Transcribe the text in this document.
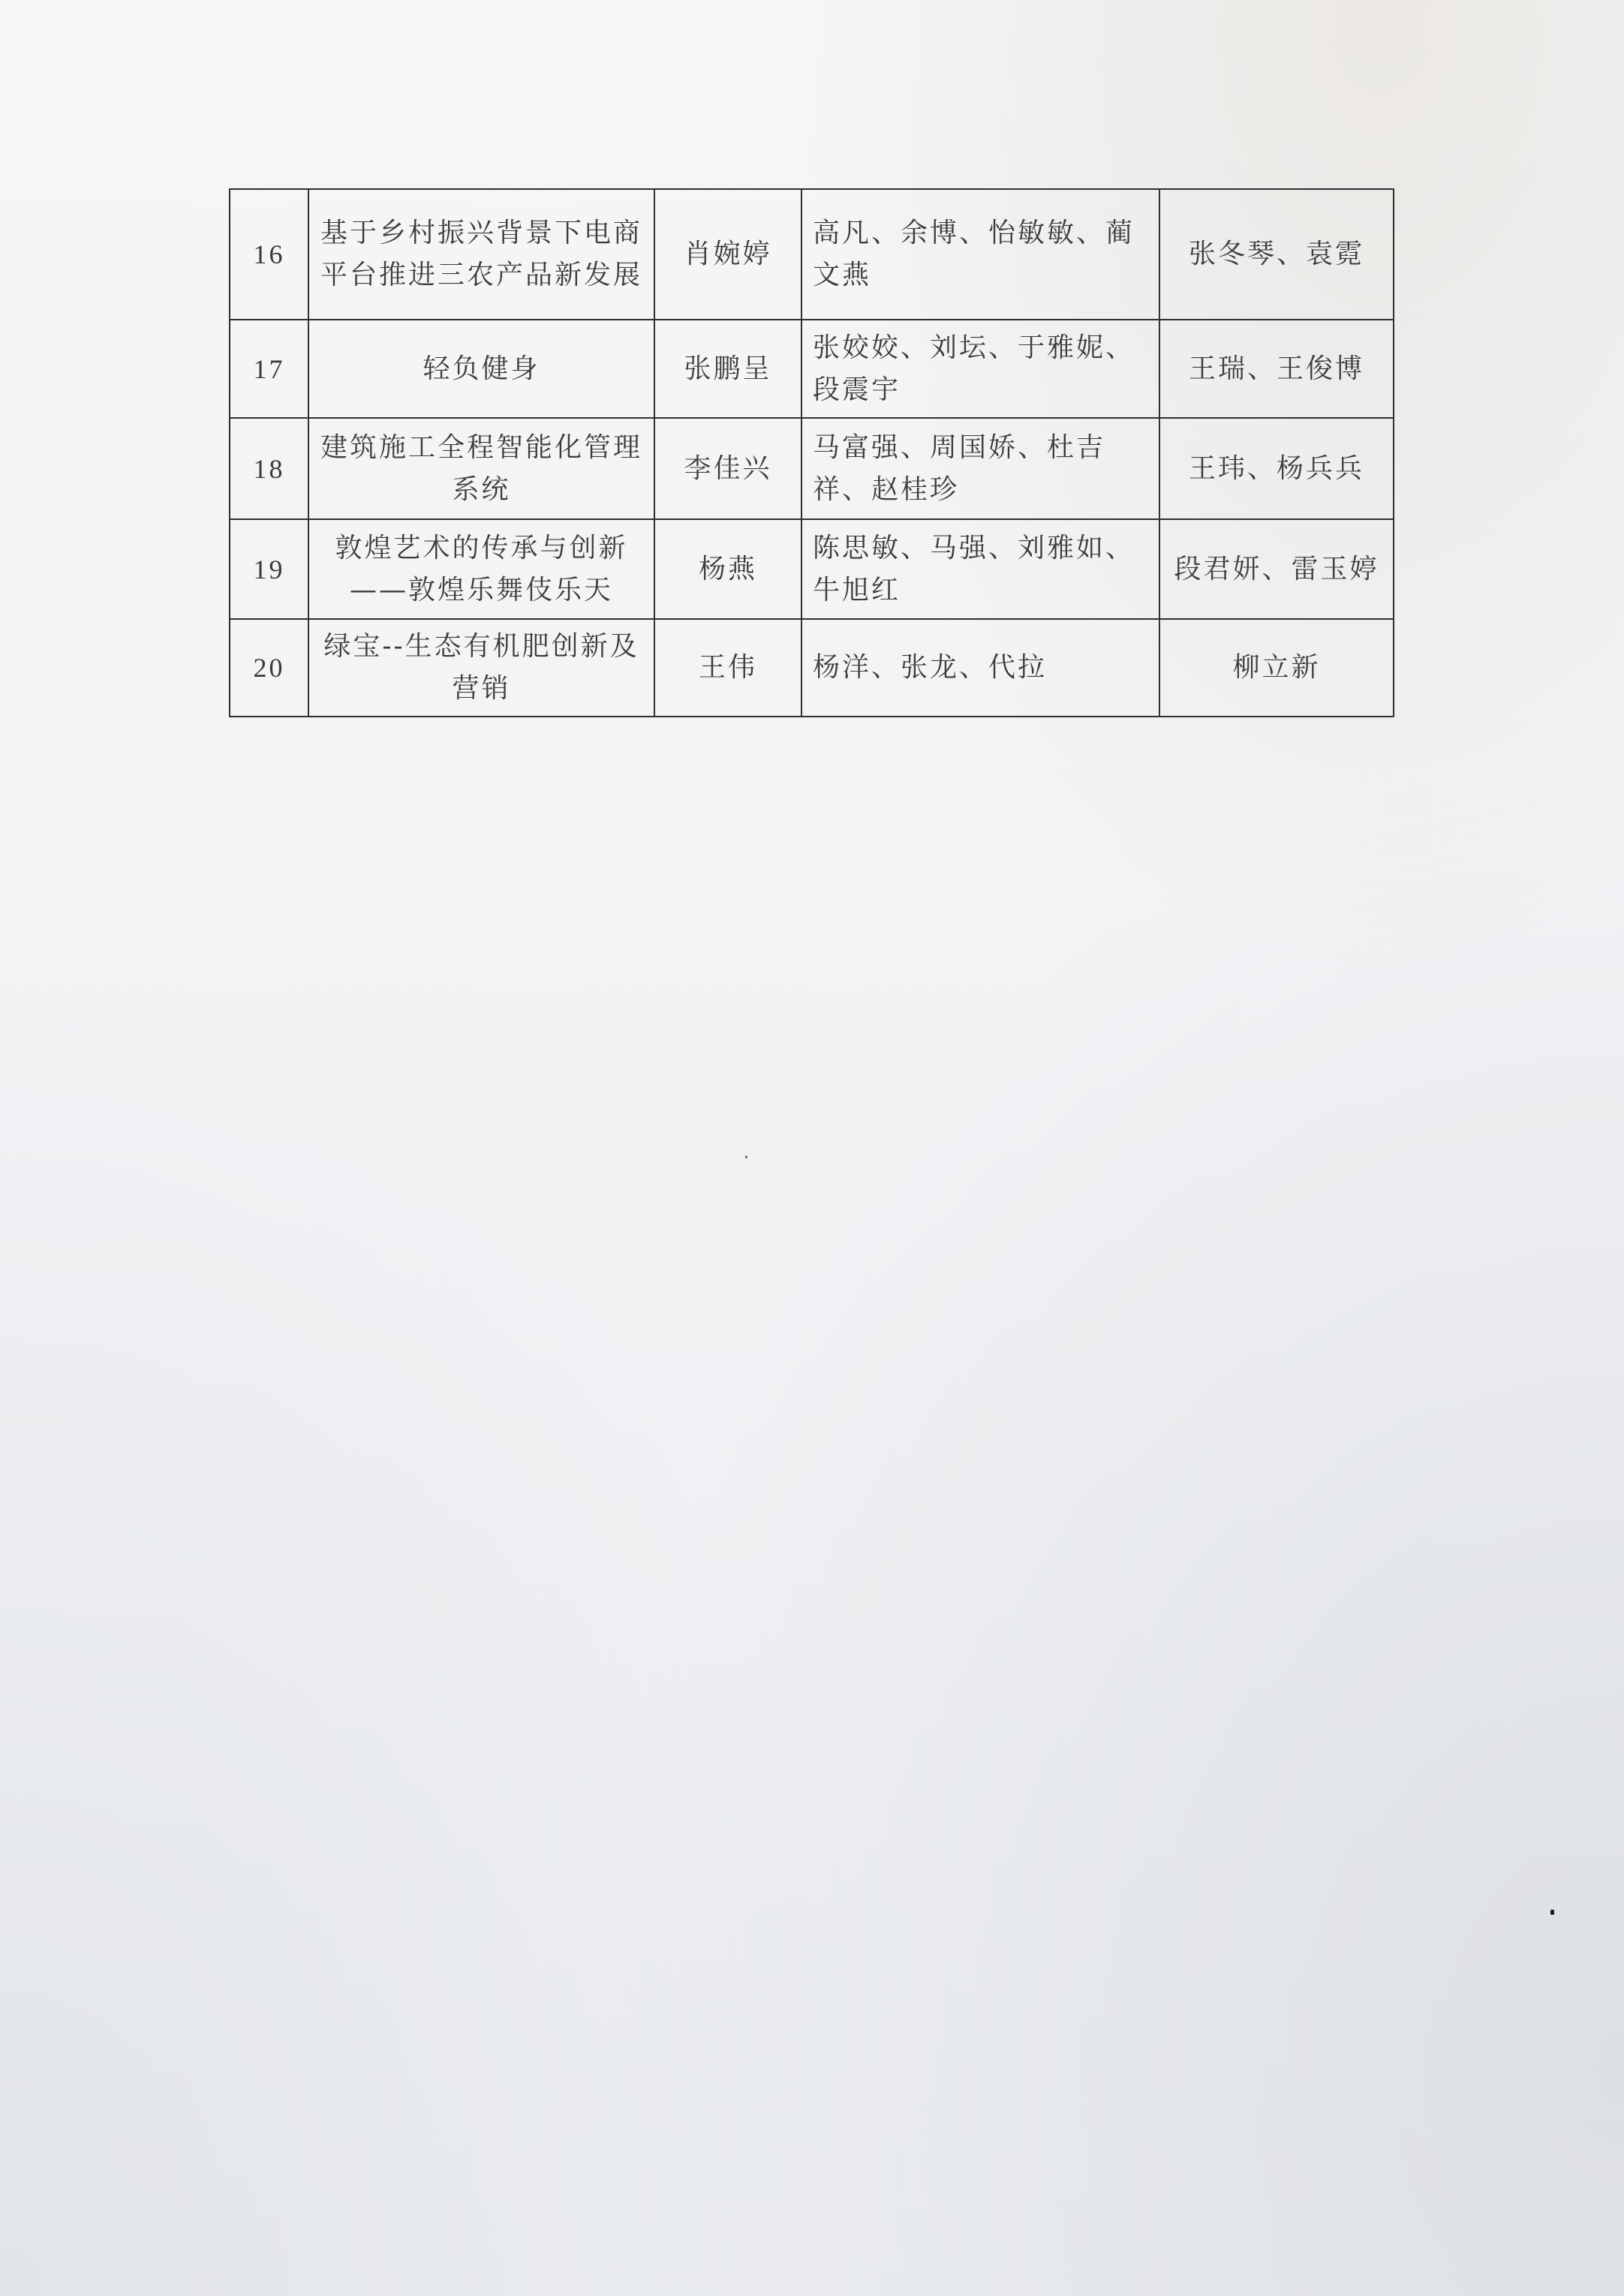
16	基于乡村振兴背景下电商平台推进三农产品新发展	肖婉婷	高凡、余博、怡敏敏、蔺文燕	张冬琴、袁霓
17	轻负健身	张鹏呈	张姣姣、刘坛、于雅妮、段震宇	王瑞、王俊博
18	建筑施工全程智能化管理系统	李佳兴	马富强、周国娇、杜吉祥、赵桂珍	王玮、杨兵兵
19	敦煌艺术的传承与创新——敦煌乐舞伎乐天	杨燕	陈思敏、马强、刘雅如、牛旭红	段君妍、雷玉婷
20	绿宝--生态有机肥创新及营销	王伟	杨洋、张龙、代拉	柳立新
